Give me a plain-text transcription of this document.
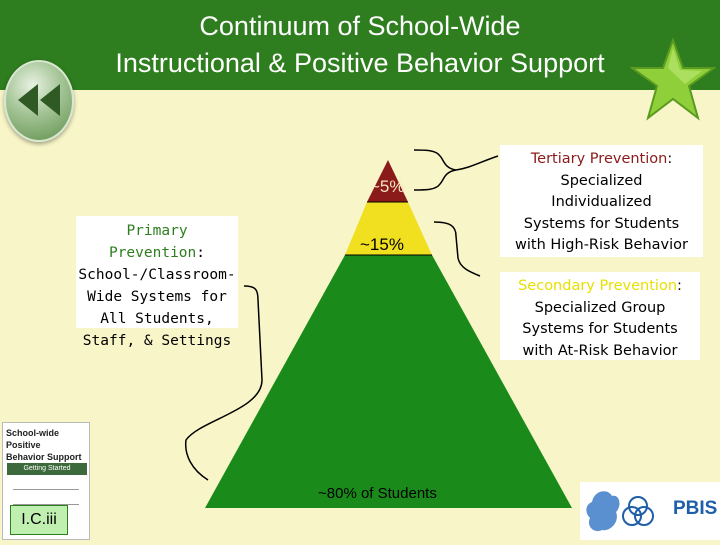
Continuum of School-Wide
Instructional & Positive Behavior Support
~5%
~15%
~80% of Students
Primary Prevention:
School-/Classroom-
Wide Systems for
All Students,
Staff, & Settings
Tertiary Prevention:
Specialized
Individualized
Systems for Students
with High-Risk Behavior
Secondary Prevention:
Specialized Group
Systems for Students
with At-Risk Behavior
School-wide Positive
Behavior Support
Getting Started Workbook
I.C.iii
PBIS
